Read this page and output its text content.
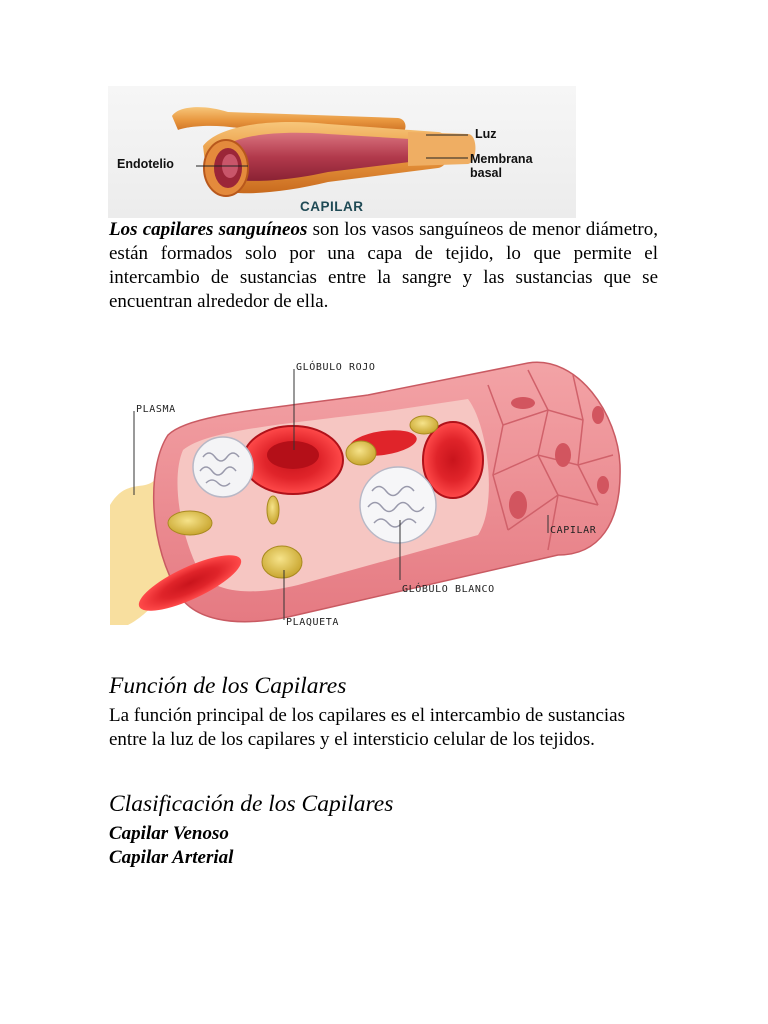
Luz
Endotelio	Membrana
basal
CAPILAR

Los capilares sanguíneos son los vasos sanguíneos de menor diámetro, están formados solo por una capa de tejido, lo que permite el intercambio de sustancias entre la sangre y las sustancias que se encuentran alrededor de ella.

GLÓBULO ROJO
PLASMA
CAPILAR
GLÓBULO BLANCO
PLAQUETA
Función de los Capilares

La función principal de los capilares es el intercambio de sustancias entre la luz de los capilares y el intersticio celular de los tejidos.

Clasificación de los Capilares

Capilar Venoso

Capilar Arterial
